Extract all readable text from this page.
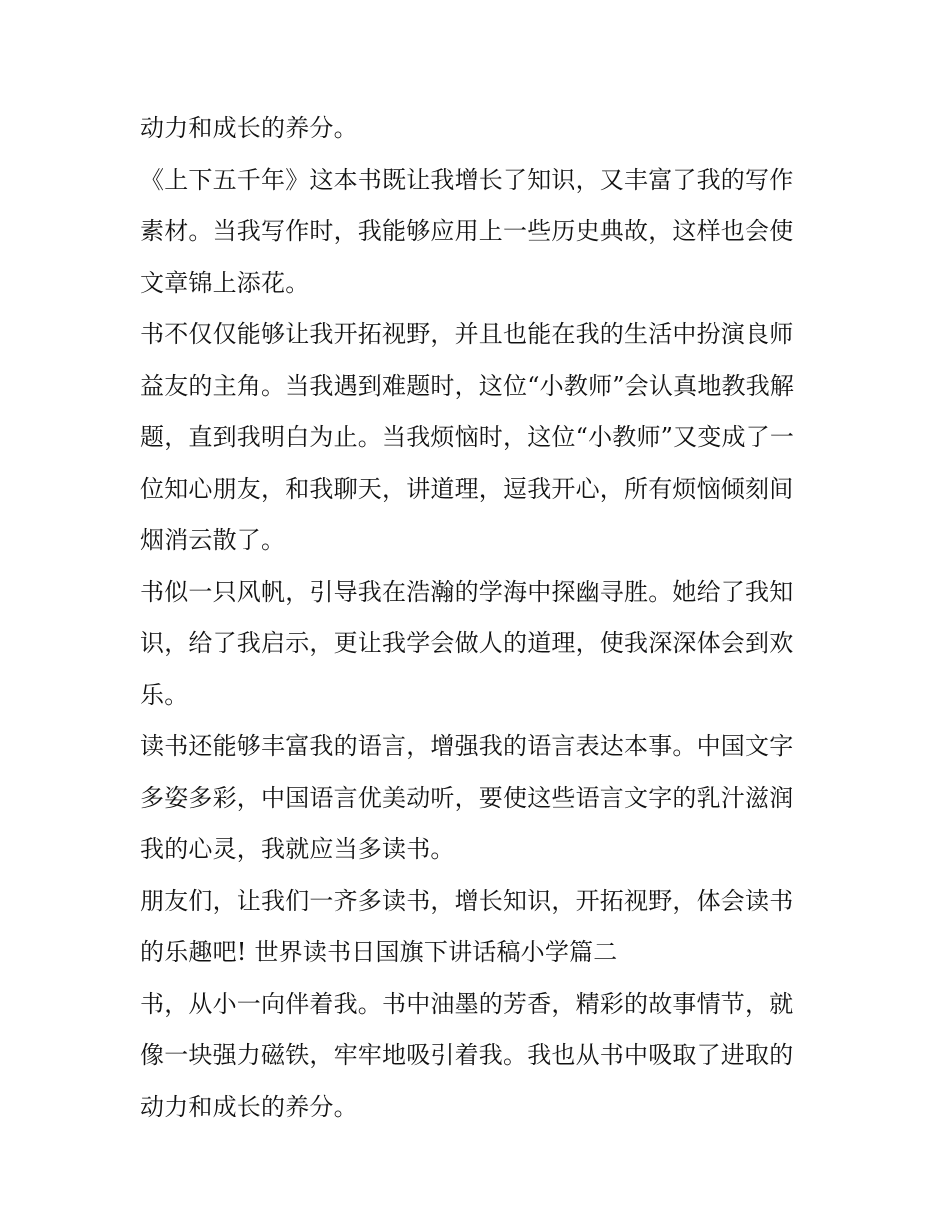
动力和成长的养分。
《上下五千年》这本书既让我增长了知识，又丰富了我的写作
素材。当我写作时，我能够应用上一些历史典故，这样也会使
文章锦上添花。
书不仅仅能够让我开拓视野，并且也能在我的生活中扮演良师
益友的主角。当我遇到难题时，这位“小教师”会认真地教我解
题，直到我明白为止。当我烦恼时，这位“小教师”又变成了一
位知心朋友，和我聊天，讲道理，逗我开心，所有烦恼倾刻间
烟消云散了。
书似一只风帆，引导我在浩瀚的学海中探幽寻胜。她给了我知
识，给了我启示，更让我学会做人的道理，使我深深体会到欢
乐。
读书还能够丰富我的语言，增强我的语言表达本事。中国文字
多姿多彩，中国语言优美动听，要使这些语言文字的乳汁滋润
我的心灵，我就应当多读书。
朋友们，让我们一齐多读书，增长知识，开拓视野，体会读书
的乐趣吧! 世界读书日国旗下讲话稿小学篇二
书，从小一向伴着我。书中油墨的芳香，精彩的故事情节，就
像一块强力磁铁，牢牢地吸引着我。我也从书中吸取了进取的
动力和成长的养分。
